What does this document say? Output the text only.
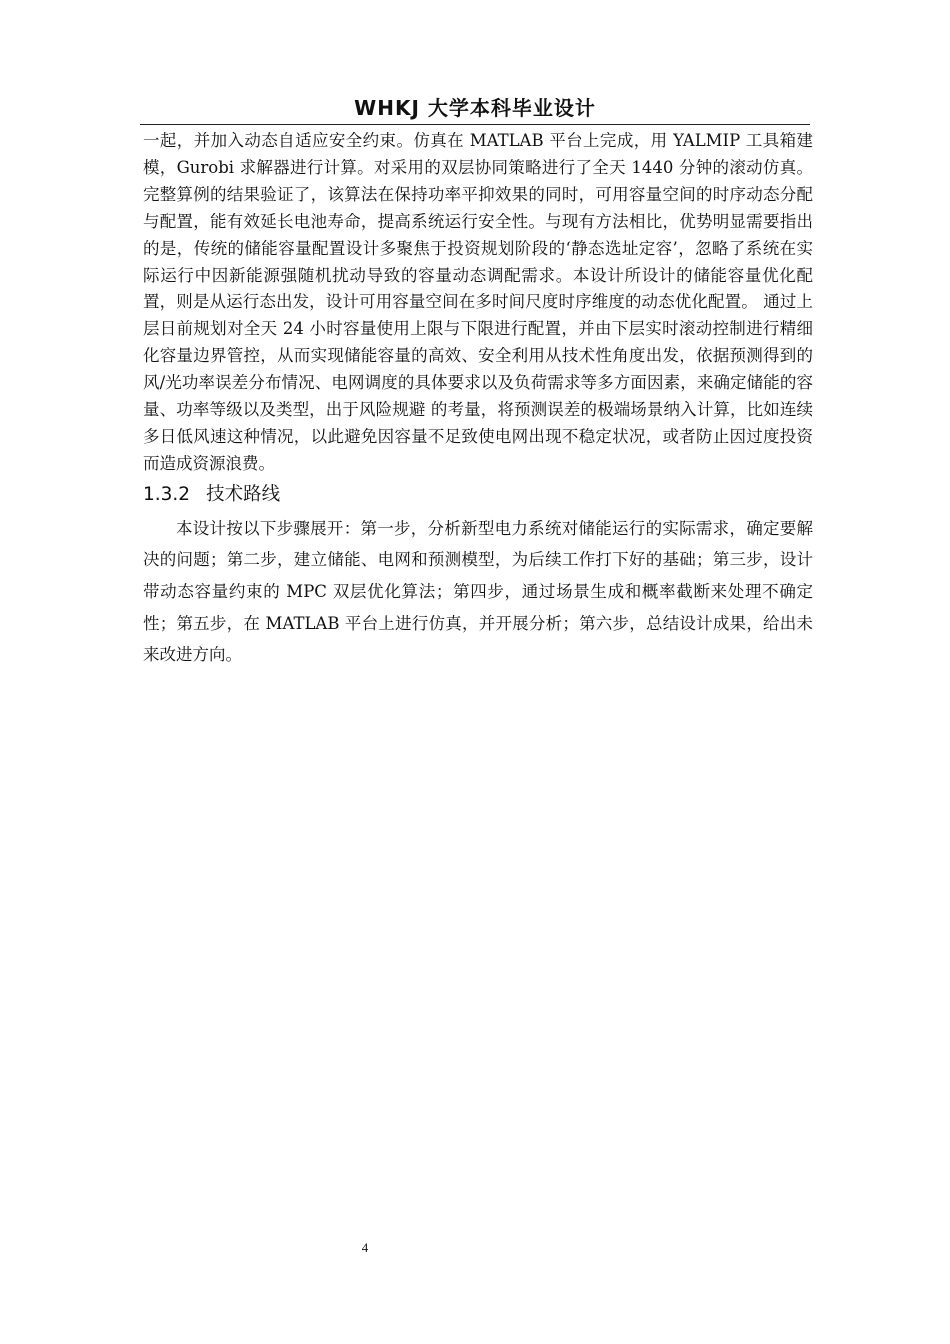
WHKJ 大学本科毕业设计

一起，并加入动态自适应安全约束。仿真在 MATLAB 平台上完成，用 YALMIP 工具箱建模，Gurobi 求解器进行计算。对采用的双层协同策略进行了全天 1440 分钟的滚动仿真。完整算例的结果验证了，该算法在保持功率平抑效果的同时，可用容量空间的时序动态分配与配置，能有效延长电池寿命，提高系统运行安全性。与现有方法相比，优势明显需要指出的是，传统的储能容量配置设计多聚焦于投资规划阶段的‘静态选址定容’，忽略了系统在实际运行中因新能源强随机扰动导致的容量动态调配需求。本设计所设计的储能容量优化配置，则是从运行态出发，设计可用容量空间在多时间尺度时序维度的动态优化配置。 通过上层日前规划对全天 24 小时容量使用上限与下限进行配置，并由下层实时滚动控制进行精细化容量边界管控，从而实现储能容量的高效、安全利用从技术性角度出发，依据预测得到的风/光功率误差分布情况、电网调度的具体要求以及负荷需求等多方面因素，来确定储能的容量、功率等级以及类型，出于风险规避 的考量，将预测误差的极端场景纳入计算，比如连续多日低风速这种情况，以此避免因容量不足致使电网出现不稳定状况，或者防止因过度投资而造成资源浪费。

1.3.2 技术路线

本设计按以下步骤展开：第一步，分析新型电力系统对储能运行的实际需求，确定要解决的问题；第二步，建立储能、电网和预测模型，为后续工作打下好的基础；第三步，设计带动态容量约束的 MPC 双层优化算法；第四步，通过场景生成和概率截断来处理不确定性；第五步，在 MATLAB 平台上进行仿真，并开展分析；第六步，总结设计成果，给出未来改进方向。

4
